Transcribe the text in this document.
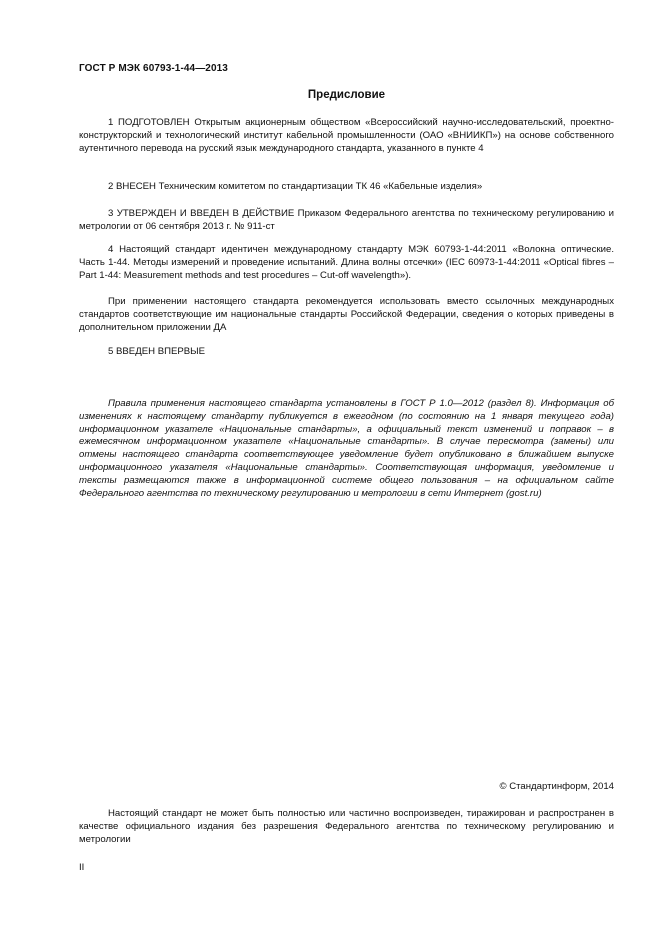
ГОСТ Р МЭК 60793-1-44—2013
Предисловие

1 ПОДГОТОВЛЕН Открытым акционерным обществом «Всероссийский научно-исследовательский, проектно-конструкторский и технологический институт кабельной промышленности (ОАО «ВНИИКП») на основе собственного аутентичного перевода на русский язык международного стандарта, указанного в пункте 4

2 ВНЕСЕН Техническим комитетом по стандартизации ТК 46 «Кабельные изделия»

3 УТВЕРЖДЕН И ВВЕДЕН В ДЕЙСТВИЕ Приказом Федерального агентства по техническому регулированию и метрологии от 06 сентября 2013 г. № 911-ст

4 Настоящий стандарт идентичен международному стандарту МЭК 60793-1-44:2011 «Волокна оптические. Часть 1-44. Методы измерений и проведение испытаний. Длина волны отсечки» (IEC 60973-1-44:2011 «Optical fibres – Part 1-44: Measurement methods and test procedures – Cut-off wavelength»).

При применении настоящего стандарта рекомендуется использовать вместо ссылочных международных стандартов соответствующие им национальные стандарты Российской Федерации, сведения о которых приведены в дополнительном приложении ДА

5 ВВЕДЕН ВПЕРВЫЕ

Правила применения настоящего стандарта установлены в ГОСТ Р 1.0—2012 (раздел 8). Информация об изменениях к настоящему стандарту публикуется в ежегодном (по состоянию на 1 января текущего года) информационном указателе «Национальные стандарты», а официальный текст изменений и поправок – в ежемесячном информационном указателе «Национальные стандарты». В случае пересмотра (замены) или отмены настоящего стандарта соответствующее уведомление будет опубликовано в ближайшем выпуске информационного указателя «Национальные стандарты». Соответствующая информация, уведомление и тексты размещаются также в информационной системе общего пользования – на официальном сайте Федерального агентства по техническому регулированию и метрологии в сети Интернет (gost.ru)

© Стандартинформ, 2014

Настоящий стандарт не может быть полностью или частично воспроизведен, тиражирован и распространен в качестве официального издания без разрешения Федерального агентства по техническому регулированию и метрологии

II
